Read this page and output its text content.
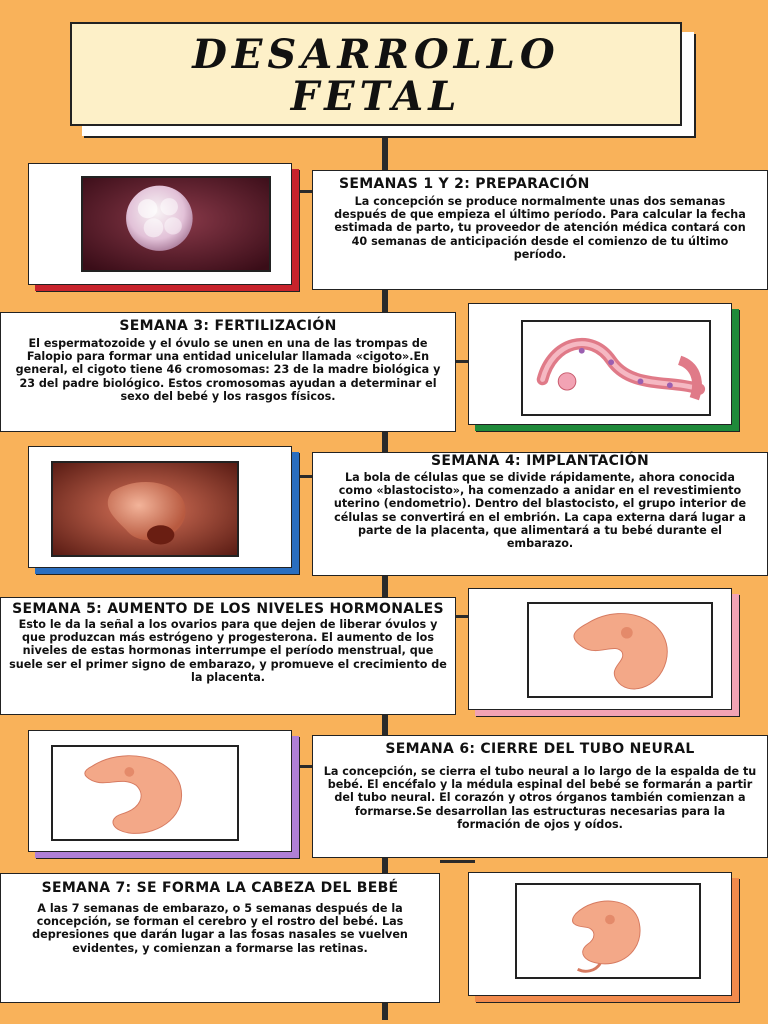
DESARROLLO
FETAL
SEMANAS 1 Y 2: PREPARACIÓN
La concepción se produce normalmente unas dos semanas después de que empieza el último período. Para calcular la fecha estimada de parto, tu proveedor de atención médica contará con 40 semanas de anticipación desde el comienzo de tu último período.
SEMANA 3: FERTILIZACIÓN
El espermatozoide y el óvulo se unen en una de las trompas de Falopio para formar una entidad unicelular llamada «cigoto».En general, el cigoto tiene 46 cromosomas: 23 de la madre biológica y 23 del padre biológico. Estos cromosomas ayudan a determinar el sexo del bebé y los rasgos físicos.
SEMANA 4: IMPLANTACIÓN
La bola de células que se divide rápidamente, ahora conocida como «blastocisto», ha comenzado a anidar en el revestimiento uterino (endometrio). Dentro del blastocisto, el grupo interior de células se convertirá en el embrión. La capa externa dará lugar a parte de la placenta, que alimentará a tu bebé durante el embarazo.
SEMANA 5: AUMENTO DE LOS NIVELES HORMONALES
Esto le da la señal a los ovarios para que dejen de liberar óvulos y que produzcan más estrógeno y progesterona. El aumento de los niveles de estas hormonas interrumpe el período menstrual, que suele ser el primer signo de embarazo, y promueve el crecimiento de la placenta.
SEMANA 6: CIERRE DEL TUBO NEURAL
La concepción, se cierra el tubo neural a lo largo de la espalda de tu bebé. El encéfalo y la médula espinal del bebé se formarán a partir del tubo neural. El corazón y otros órganos también comienzan a formarse.Se desarrollan las estructuras necesarias para la formación de ojos y oídos.
SEMANA 7: SE FORMA LA CABEZA DEL BEBÉ
A las 7 semanas de embarazo, o 5 semanas después de la concepción, se forman el cerebro y el rostro del bebé. Las depresiones que darán lugar a las fosas nasales se vuelven evidentes, y comienzan a formarse las retinas.
